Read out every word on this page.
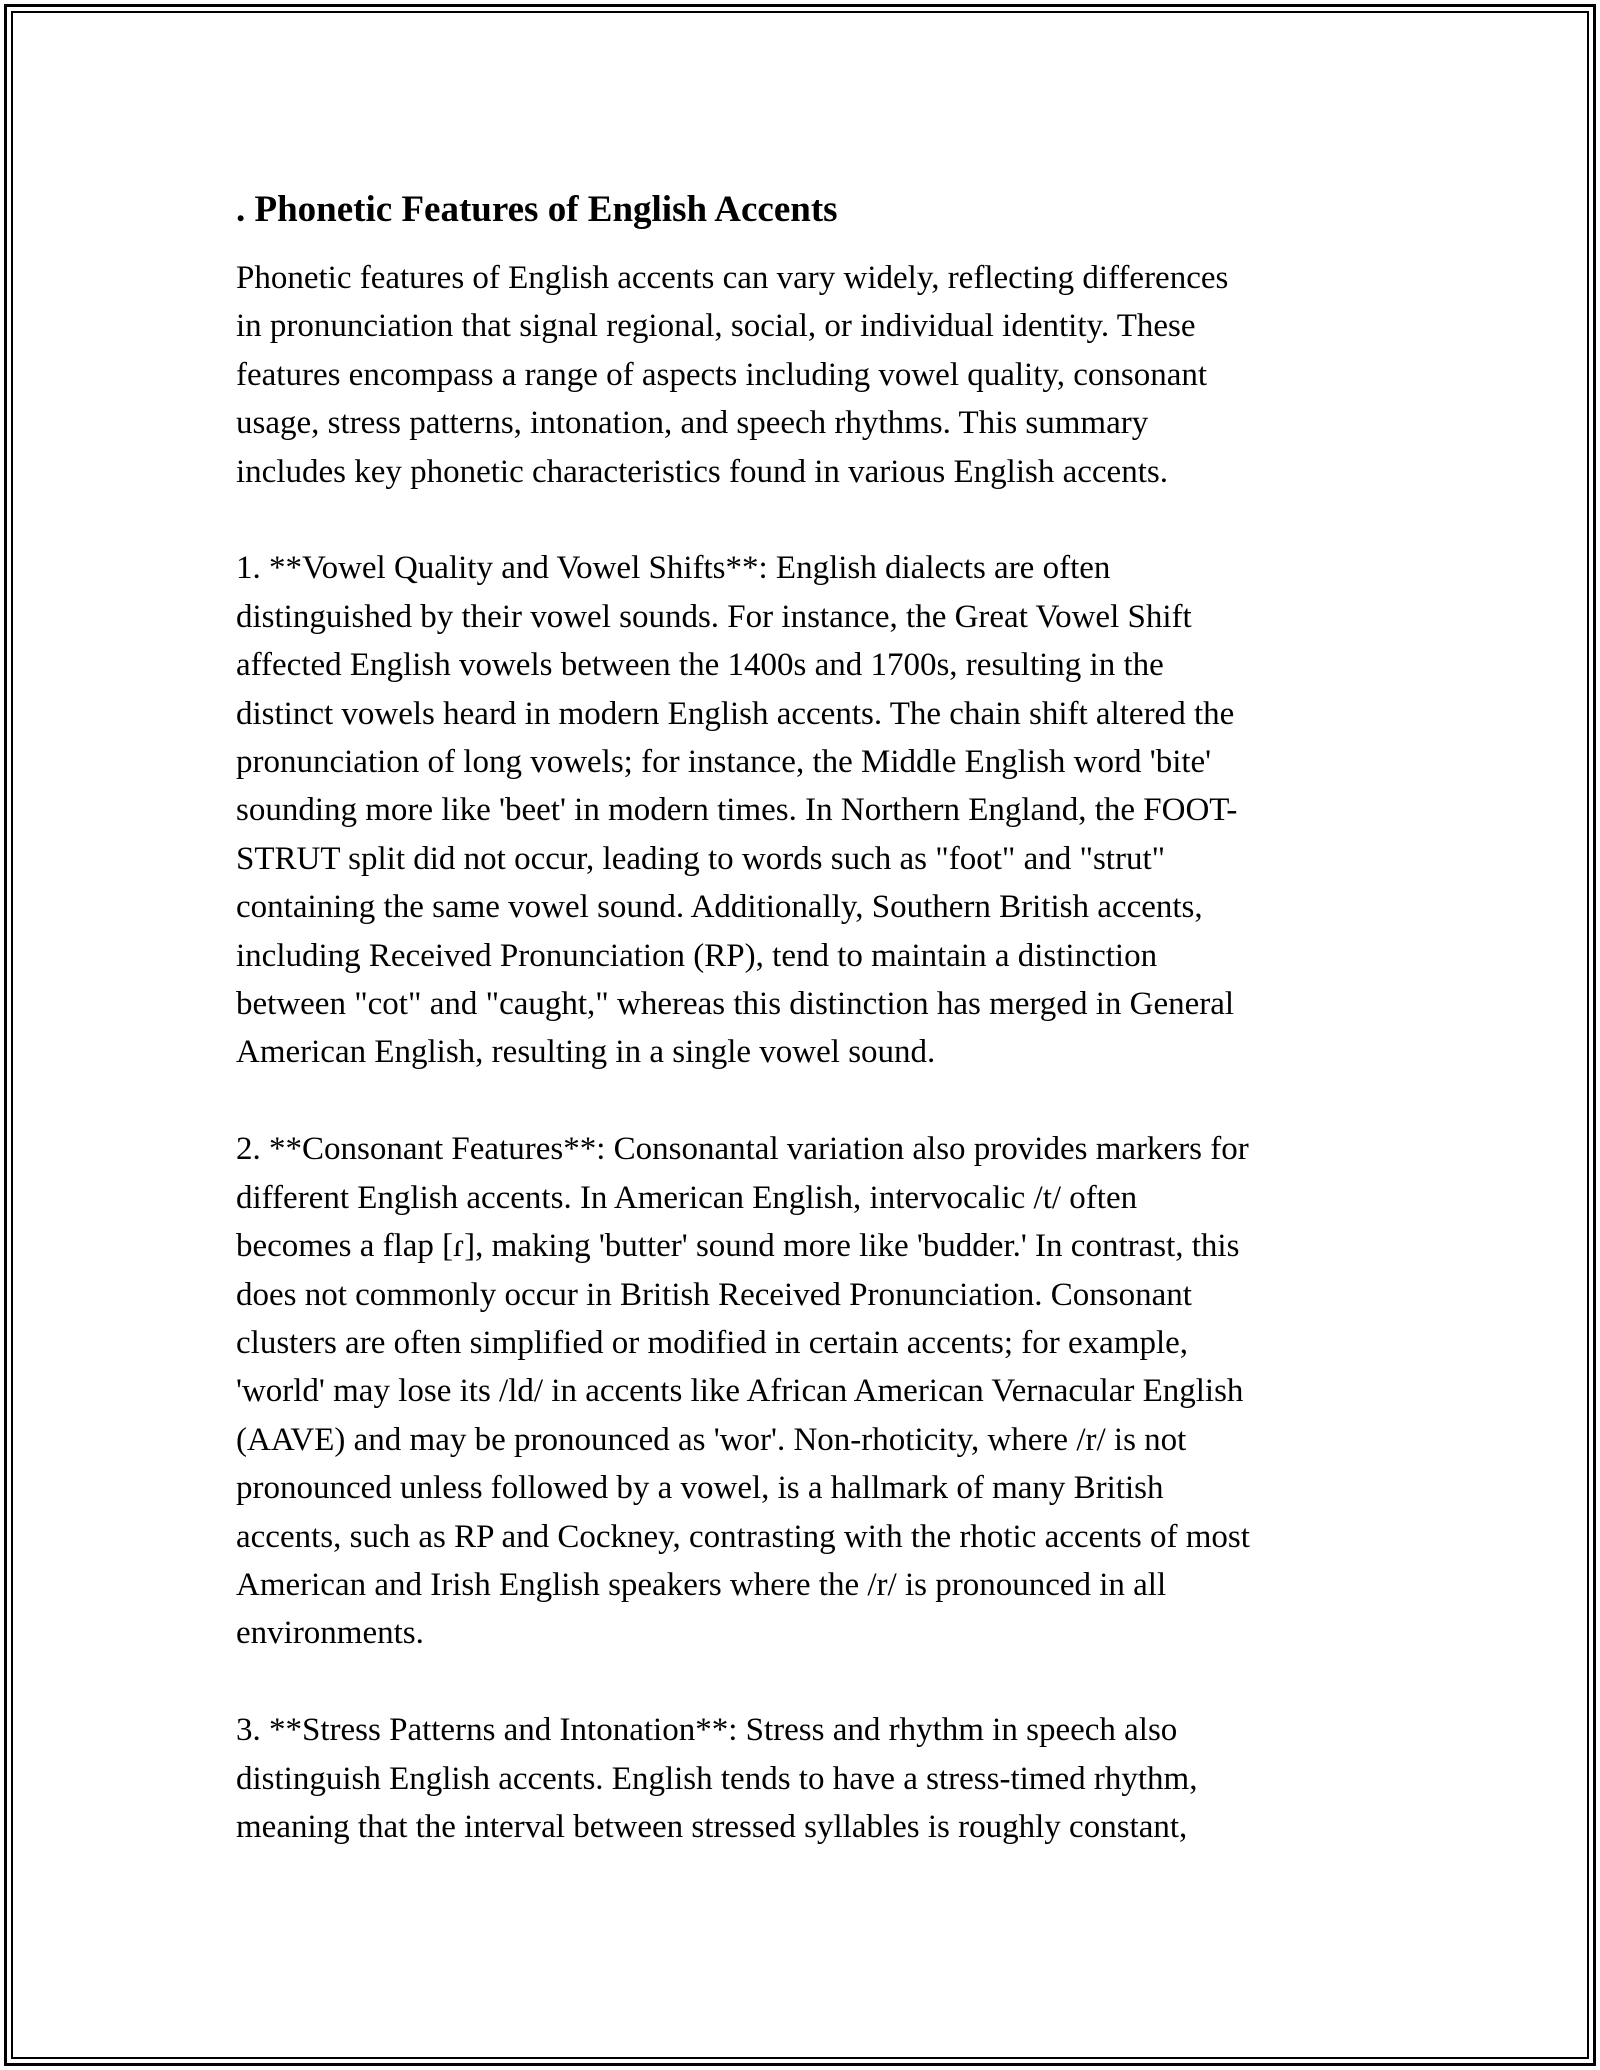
. Phonetic Features of English Accents
Phonetic features of English accents can vary widely, reflecting differences
in pronunciation that signal regional, social, or individual identity. These
features encompass a range of aspects including vowel quality, consonant
usage, stress patterns, intonation, and speech rhythms. This summary
includes key phonetic characteristics found in various English accents.
1. **Vowel Quality and Vowel Shifts**: English dialects are often
distinguished by their vowel sounds. For instance, the Great Vowel Shift
affected English vowels between the 1400s and 1700s, resulting in the
distinct vowels heard in modern English accents. The chain shift altered the
pronunciation of long vowels; for instance, the Middle English word 'bite'
sounding more like 'beet' in modern times. In Northern England, the FOOT-
STRUT split did not occur, leading to words such as "foot" and "strut"
containing the same vowel sound. Additionally, Southern British accents,
including Received Pronunciation (RP), tend to maintain a distinction
between "cot" and "caught," whereas this distinction has merged in General
American English, resulting in a single vowel sound.
2. **Consonant Features**: Consonantal variation also provides markers for
different English accents. In American English, intervocalic /t/ often
becomes a flap [ɾ], making 'butter' sound more like 'budder.' In contrast, this
does not commonly occur in British Received Pronunciation. Consonant
clusters are often simplified or modified in certain accents; for example,
'world' may lose its /ld/ in accents like African American Vernacular English
(AAVE) and may be pronounced as 'wor'. Non-rhoticity, where /r/ is not
pronounced unless followed by a vowel, is a hallmark of many British
accents, such as RP and Cockney, contrasting with the rhotic accents of most
American and Irish English speakers where the /r/ is pronounced in all
environments.
3. **Stress Patterns and Intonation**: Stress and rhythm in speech also
distinguish English accents. English tends to have a stress-timed rhythm,
meaning that the interval between stressed syllables is roughly constant,
